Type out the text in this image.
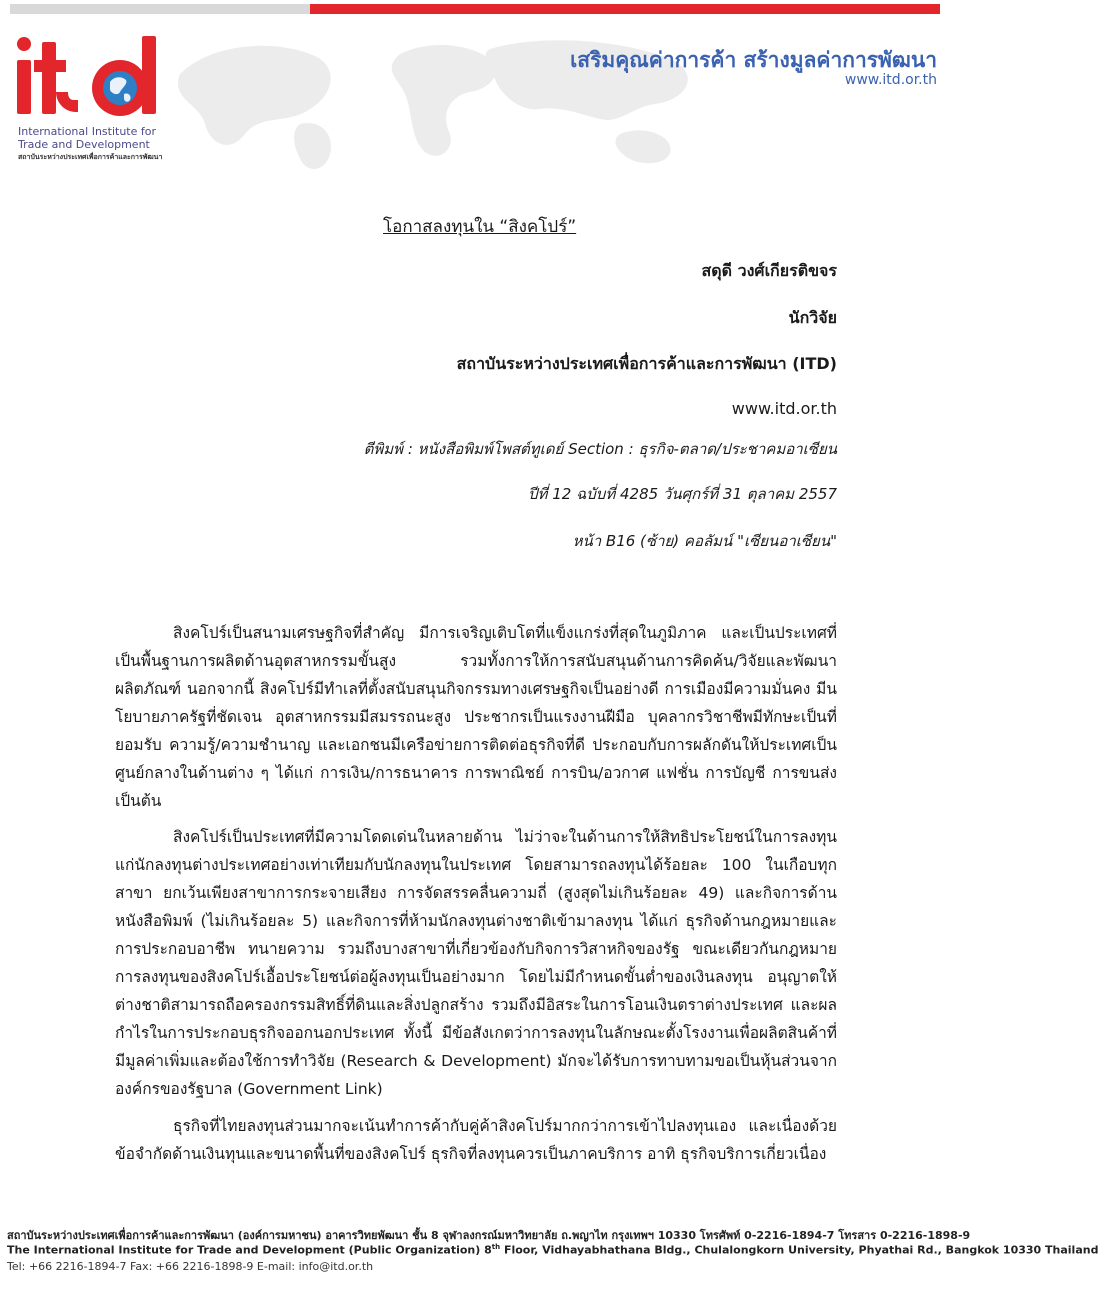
International Institute for
Trade and Development
สถาบันระหว่างประเทศเพื่อการค้าและการพัฒนา
เสริมคุณค่าการค้า สร้างมูลค่าการพัฒนา
www.itd.or.th
โอกาสลงทุนใน “สิงคโปร์”
สดุดี วงศ์เกียรติขจร
นักวิจัย
สถาบันระหว่างประเทศเพื่อการค้าและการพัฒนา (ITD)
www.itd.or.th
ตีพิมพ์ : หนังสือพิมพ์โพสต์ทูเดย์ Section : ธุรกิจ-ตลาด/ประชาคมอาเซียน
ปีที่ 12 ฉบับที่ 4285 วันศุกร์ที่ 31 ตุลาคม 2557
หน้า B16 (ซ้าย) คอลัมน์ "เซียนอาเซียน"

สิงคโปร์เป็นสนามเศรษฐกิจที่สำคัญ มีการเจริญเติบโตที่แข็งแกร่งที่สุดในภูมิภาค และเป็นประเทศที่เป็นพื้นฐานการผลิตด้านอุตสาหกรรมขั้นสูง รวมทั้งการให้การสนับสนุนด้านการคิดค้น/วิจัยและพัฒนาผลิตภัณฑ์ นอกจากนี้ สิงคโปร์มีทำเลที่ตั้งสนับสนุนกิจกรรมทางเศรษฐกิจเป็นอย่างดี การเมืองมีความมั่นคง มีนโยบายภาครัฐที่ชัดเจน อุตสาหกรรมมีสมรรถนะสูง ประชากรเป็นแรงงานฝีมือ บุคลากรวิชาชีพมีทักษะเป็นที่ยอมรับ ความรู้/ความชำนาญ และเอกชนมีเครือข่ายการติดต่อธุรกิจที่ดี ประกอบกับการผลักดันให้ประเทศเป็นศูนย์กลางในด้านต่าง ๆ ได้แก่ การเงิน/การธนาคาร การพาณิชย์ การบิน/อวกาศ แฟชั่น การบัญชี การขนส่ง เป็นต้น

สิงคโปร์เป็นประเทศที่มีความโดดเด่นในหลายด้าน ไม่ว่าจะในด้านการให้สิทธิประโยชน์ในการลงทุนแก่นักลงทุนต่างประเทศอย่างเท่าเทียมกับนักลงทุนในประเทศ โดยสามารถลงทุนได้ร้อยละ 100 ในเกือบทุกสาขา ยกเว้นเพียงสาขาการกระจายเสียง การจัดสรรคลื่นความถี่ (สูงสุดไม่เกินร้อยละ 49) และกิจการด้านหนังสือพิมพ์ (ไม่เกินร้อยละ 5) และกิจการที่ห้ามนักลงทุนต่างชาติเข้ามาลงทุน ได้แก่ ธุรกิจด้านกฎหมายและการประกอบอาชีพ ทนายความ รวมถึงบางสาขาที่เกี่ยวข้องกับกิจการวิสาหกิจของรัฐ ขณะเดียวกันกฎหมายการลงทุนของสิงคโปร์เอื้อประโยชน์ต่อผู้ลงทุนเป็นอย่างมาก โดยไม่มีกำหนดขั้นต่ำของเงินลงทุน อนุญาตให้ต่างชาติสามารถถือครองกรรมสิทธิ์ที่ดินและสิ่งปลูกสร้าง รวมถึงมีอิสระในการโอนเงินตราต่างประเทศ และผลกำไรในการประกอบธุรกิจออกนอกประเทศ ทั้งนี้ มีข้อสังเกตว่าการลงทุนในลักษณะตั้งโรงงานเพื่อผลิตสินค้าที่มีมูลค่าเพิ่มและต้องใช้การทำวิจัย (Research & Development) มักจะได้รับการทาบทามขอเป็นหุ้นส่วนจากองค์กรของรัฐบาล (Government Link)

ธุรกิจที่ไทยลงทุนส่วนมากจะเน้นทำการค้ากับคู่ค้าสิงคโปร์มากกว่าการเข้าไปลงทุนเอง และเนื่องด้วยข้อจำกัดด้านเงินทุนและขนาดพื้นที่ของสิงคโปร์ ธุรกิจที่ลงทุนควรเป็นภาคบริการ อาทิ ธุรกิจบริการเกี่ยวเนื่อง

สถาบันระหว่างประเทศเพื่อการค้าและการพัฒนา (องค์การมหาชน) อาคารวิทยพัฒนา ชั้น 8 จุฬาลงกรณ์มหาวิทยาลัย ถ.พญาไท กรุงเทพฯ 10330 โทรศัพท์ 0-2216-1894-7 โทรสาร 0-2216-1898-9
The International Institute for Trade and Development (Public Organization) 8th Floor, Vidhayabhathana Bldg., Chulalongkorn University, Phyathai Rd., Bangkok 10330 Thailand
Tel: +66 2216-1894-7 Fax: +66 2216-1898-9 E-mail: info@itd.or.th
